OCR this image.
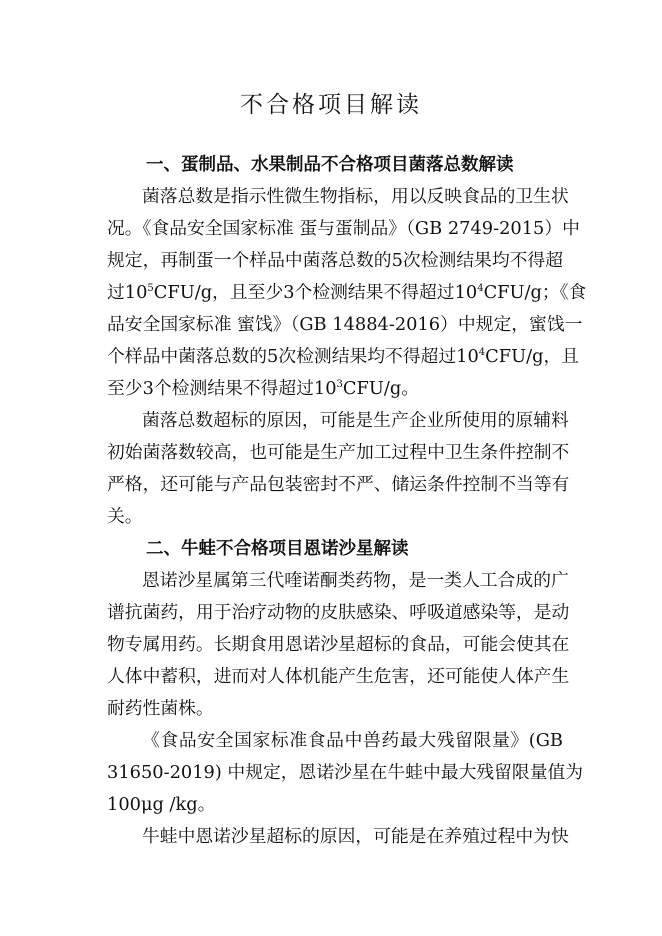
不合格项目解读
一、蛋制品、水果制品不合格项目菌落总数解读
菌落总数是指示性微生物指标，用以反映食品的卫生状
况。《食品安全国家标准 蛋与蛋制品》（GB 2749-2015）中
规定，再制蛋一个样品中菌落总数的5次检测结果均不得超
过$10^5CFU/g$，且至少3个检测结果不得超过$10^4CFU/g$；《食
品安全国家标准 蜜饯》（GB 14884-2016）中规定，蜜饯一
个样品中菌落总数的5次检测结果均不得超过$10^4CFU/g$，且
至少3个检测结果不得超过$10^3CFU/g$。
菌落总数超标的原因，可能是生产企业所使用的原辅料
初始菌落数较高，也可能是生产加工过程中卫生条件控制不
严格，还可能与产品包装密封不严、储运条件控制不当等有
关。
二、牛蛙不合格项目恩诺沙星解读
恩诺沙星属第三代喹诺酮类药物，是一类人工合成的广
谱抗菌药，用于治疗动物的皮肤感染、呼吸道感染等，是动
物专属用药。长期食用恩诺沙星超标的食品，可能会使其在
人体中蓄积，进而对人体机能产生危害，还可能使人体产生
耐药性菌株。
《食品安全国家标准食品中兽药最大残留限量》(GB
31650-2019) 中规定，恩诺沙星在牛蛙中最大残留限量值为
100μg /kg。
牛蛙中恩诺沙星超标的原因，可能是在养殖过程中为快
